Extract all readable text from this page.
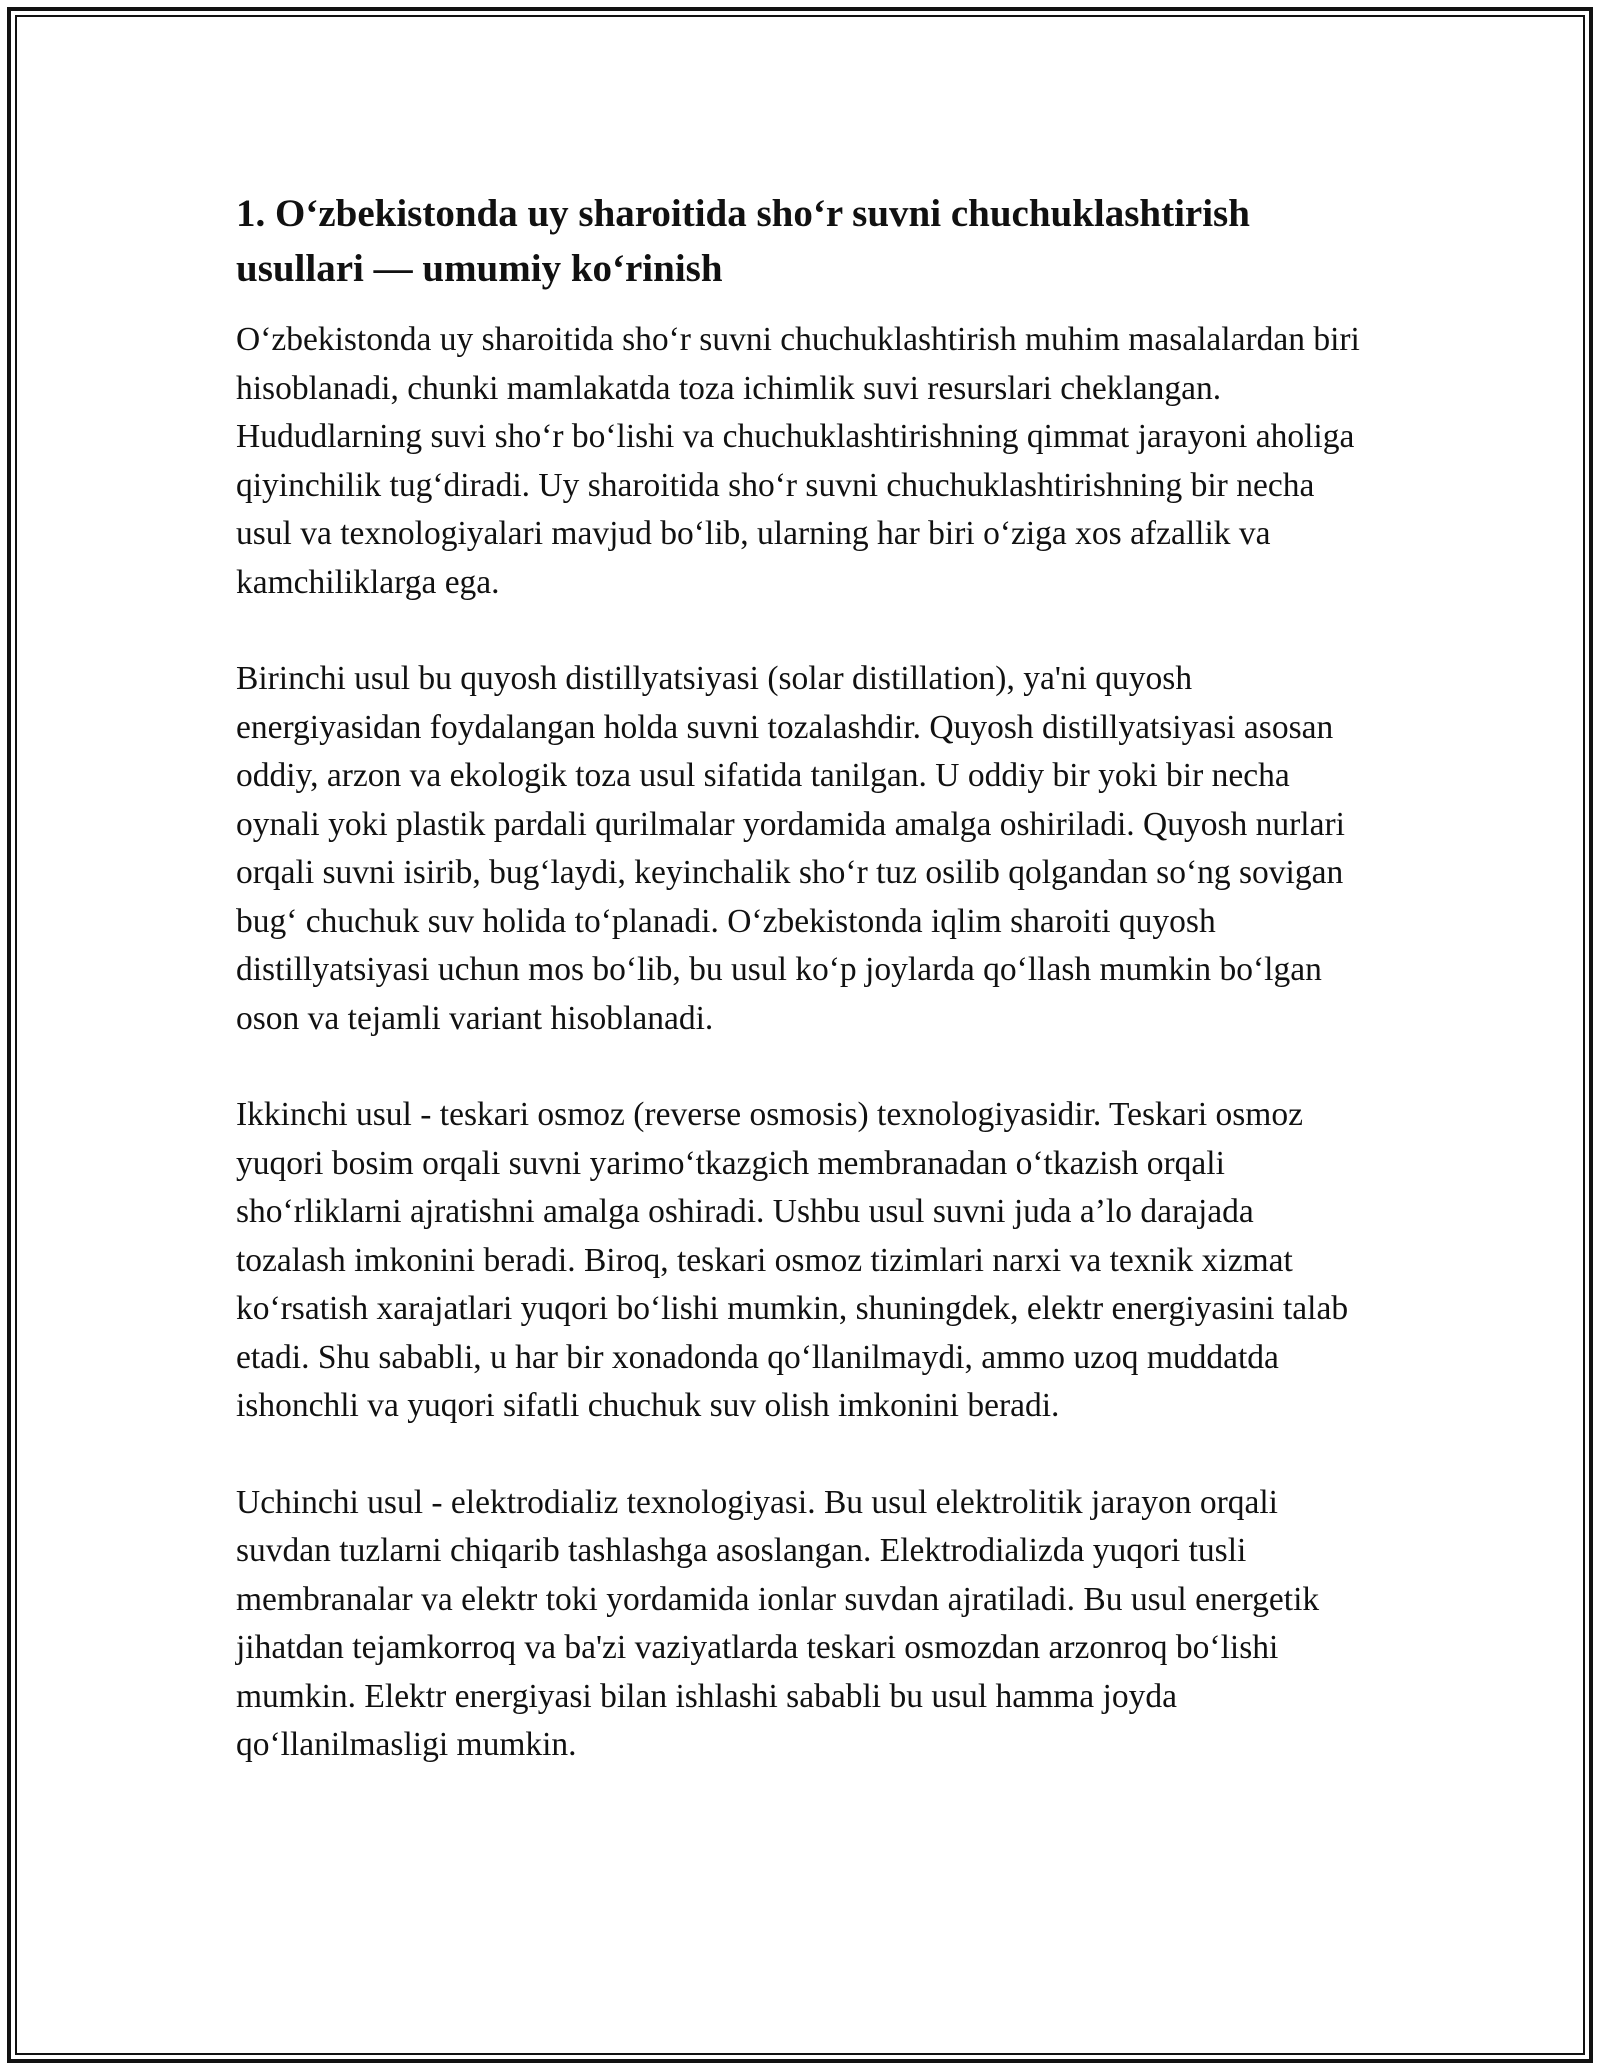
1. O‘zbekistonda uy sharoitida sho‘r suvni chuchuklashtirish usullari — umumiy ko‘rinish

O‘zbekistonda uy sharoitida sho‘r suvni chuchuklashtirish muhim masalalardan biri hisoblanadi, chunki mamlakatda toza ichimlik suvi resurslari cheklangan. Hududlarning suvi sho‘r bo‘lishi va chuchuklashtirishning qimmat jarayoni aholiga qiyinchilik tug‘diradi. Uy sharoitida sho‘r suvni chuchuklashtirishning bir necha usul va texnologiyalari mavjud bo‘lib, ularning har biri o‘ziga xos afzallik va kamchiliklarga ega.

Birinchi usul bu quyosh distillyatsiyasi (solar distillation), ya'ni quyosh energiyasidan foydalangan holda suvni tozalashdir. Quyosh distillyatsiyasi asosan oddiy, arzon va ekologik toza usul sifatida tanilgan. U oddiy bir yoki bir necha oynali yoki plastik pardali qurilmalar yordamida amalga oshiriladi. Quyosh nurlari orqali suvni isirib, bug‘laydi, keyinchalik sho‘r tuz osilib qolgandan so‘ng sovigan bug‘ chuchuk suv holida to‘planadi. O‘zbekistonda iqlim sharoiti quyosh distillyatsiyasi uchun mos bo‘lib, bu usul ko‘p joylarda qo‘llash mumkin bo‘lgan oson va tejamli variant hisoblanadi.

Ikkinchi usul - teskari osmoz (reverse osmosis) texnologiyasidir. Teskari osmoz yuqori bosim orqali suvni yarimo‘tkazgich membranadan o‘tkazish orqali sho‘rliklarni ajratishni amalga oshiradi. Ushbu usul suvni juda a’lo darajada tozalash imkonini beradi. Biroq, teskari osmoz tizimlari narxi va texnik xizmat ko‘rsatish xarajatlari yuqori bo‘lishi mumkin, shuningdek, elektr energiyasini talab etadi. Shu sababli, u har bir xonadonda qo‘llanilmaydi, ammo uzoq muddatda ishonchli va yuqori sifatli chuchuk suv olish imkonini beradi.

Uchinchi usul - elektrodializ texnologiyasi. Bu usul elektrolitik jarayon orqali suvdan tuzlarni chiqarib tashlashga asoslangan. Elektrodializda yuqori tusli membranalar va elektr toki yordamida ionlar suvdan ajratiladi. Bu usul energetik jihatdan tejamkorroq va ba'zi vaziyatlarda teskari osmozdan arzonroq bo‘lishi mumkin. Elektr energiyasi bilan ishlashi sababli bu usul hamma joyda qo‘llanilmasligi mumkin.
